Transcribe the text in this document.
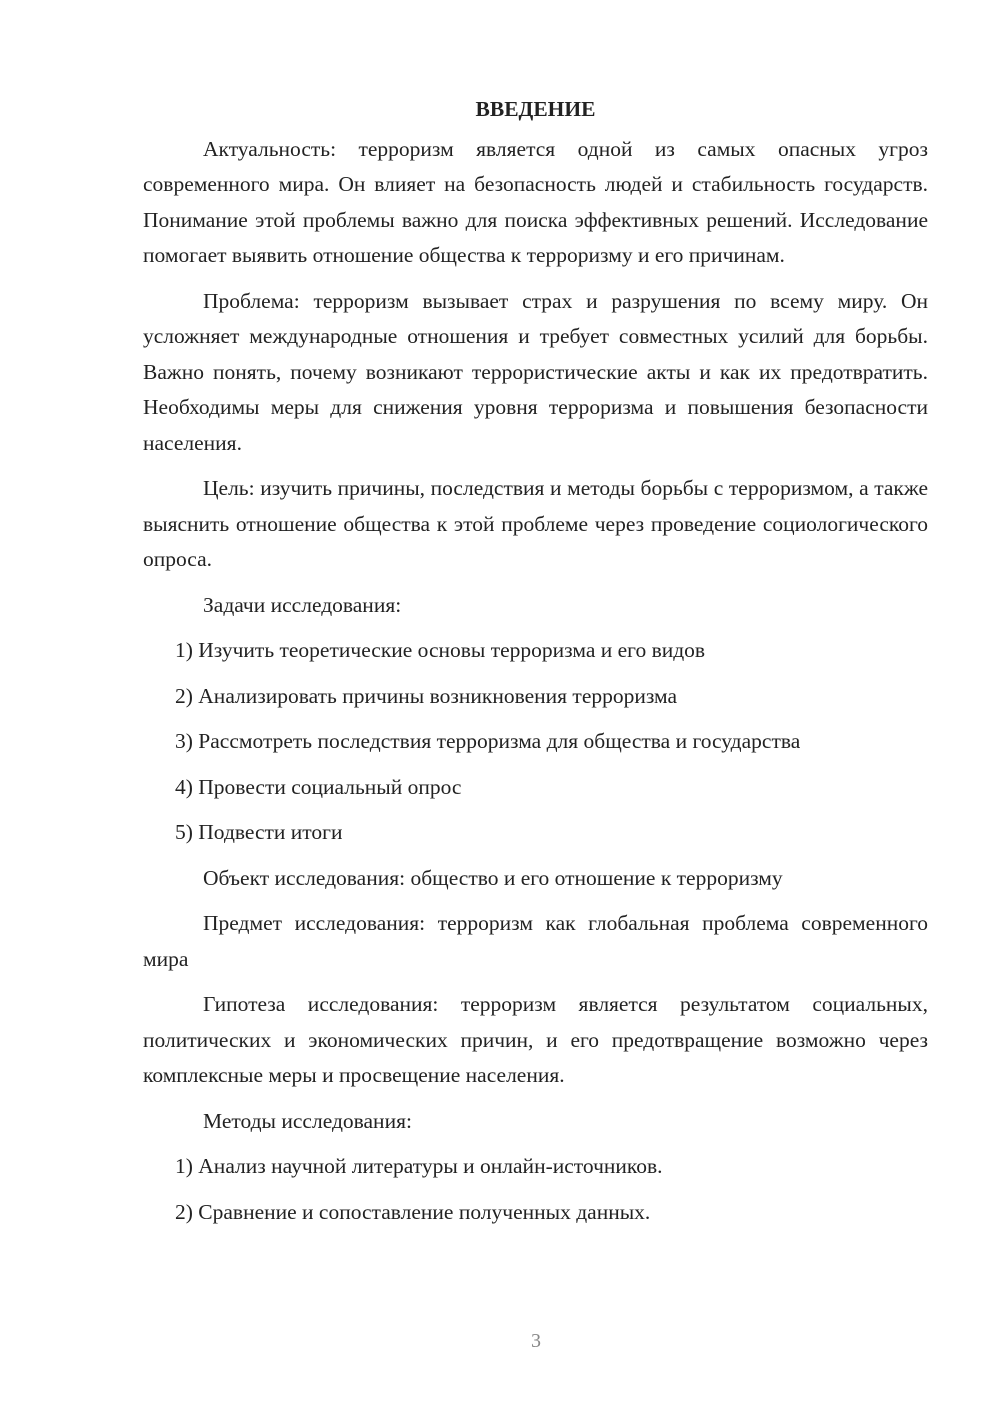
ВВЕДЕНИЕ
Актуальность: терроризм является одной из самых опасных угроз современного мира. Он влияет на безопасность людей и стабильность государств. Понимание этой проблемы важно для поиска эффективных решений. Исследование помогает выявить отношение общества к терроризму и его причинам.
Проблема: терроризм вызывает страх и разрушения по всему миру. Он усложняет международные отношения и требует совместных усилий для борьбы. Важно понять, почему возникают террористические акты и как их предотвратить. Необходимы меры для снижения уровня терроризма и повышения безопасности населения.
Цель: изучить причины, последствия и методы борьбы с терроризмом, а также выяснить отношение общества к этой проблеме через проведение социологического опроса.
Задачи исследования:
1) Изучить теоретические основы терроризма и его видов
2) Анализировать причины возникновения терроризма
3) Рассмотреть последствия терроризма для общества и государства
4) Провести социальный опрос
5) Подвести итоги
Объект исследования: общество и его отношение к терроризму
Предмет исследования: терроризм как глобальная проблема современного мира
Гипотеза исследования: терроризм является результатом социальных, политических и экономических причин, и его предотвращение возможно через комплексные меры и просвещение населения.
Методы исследования:
1) Анализ научной литературы и онлайн-источников.
2) Сравнение и сопоставление полученных данных.
3
